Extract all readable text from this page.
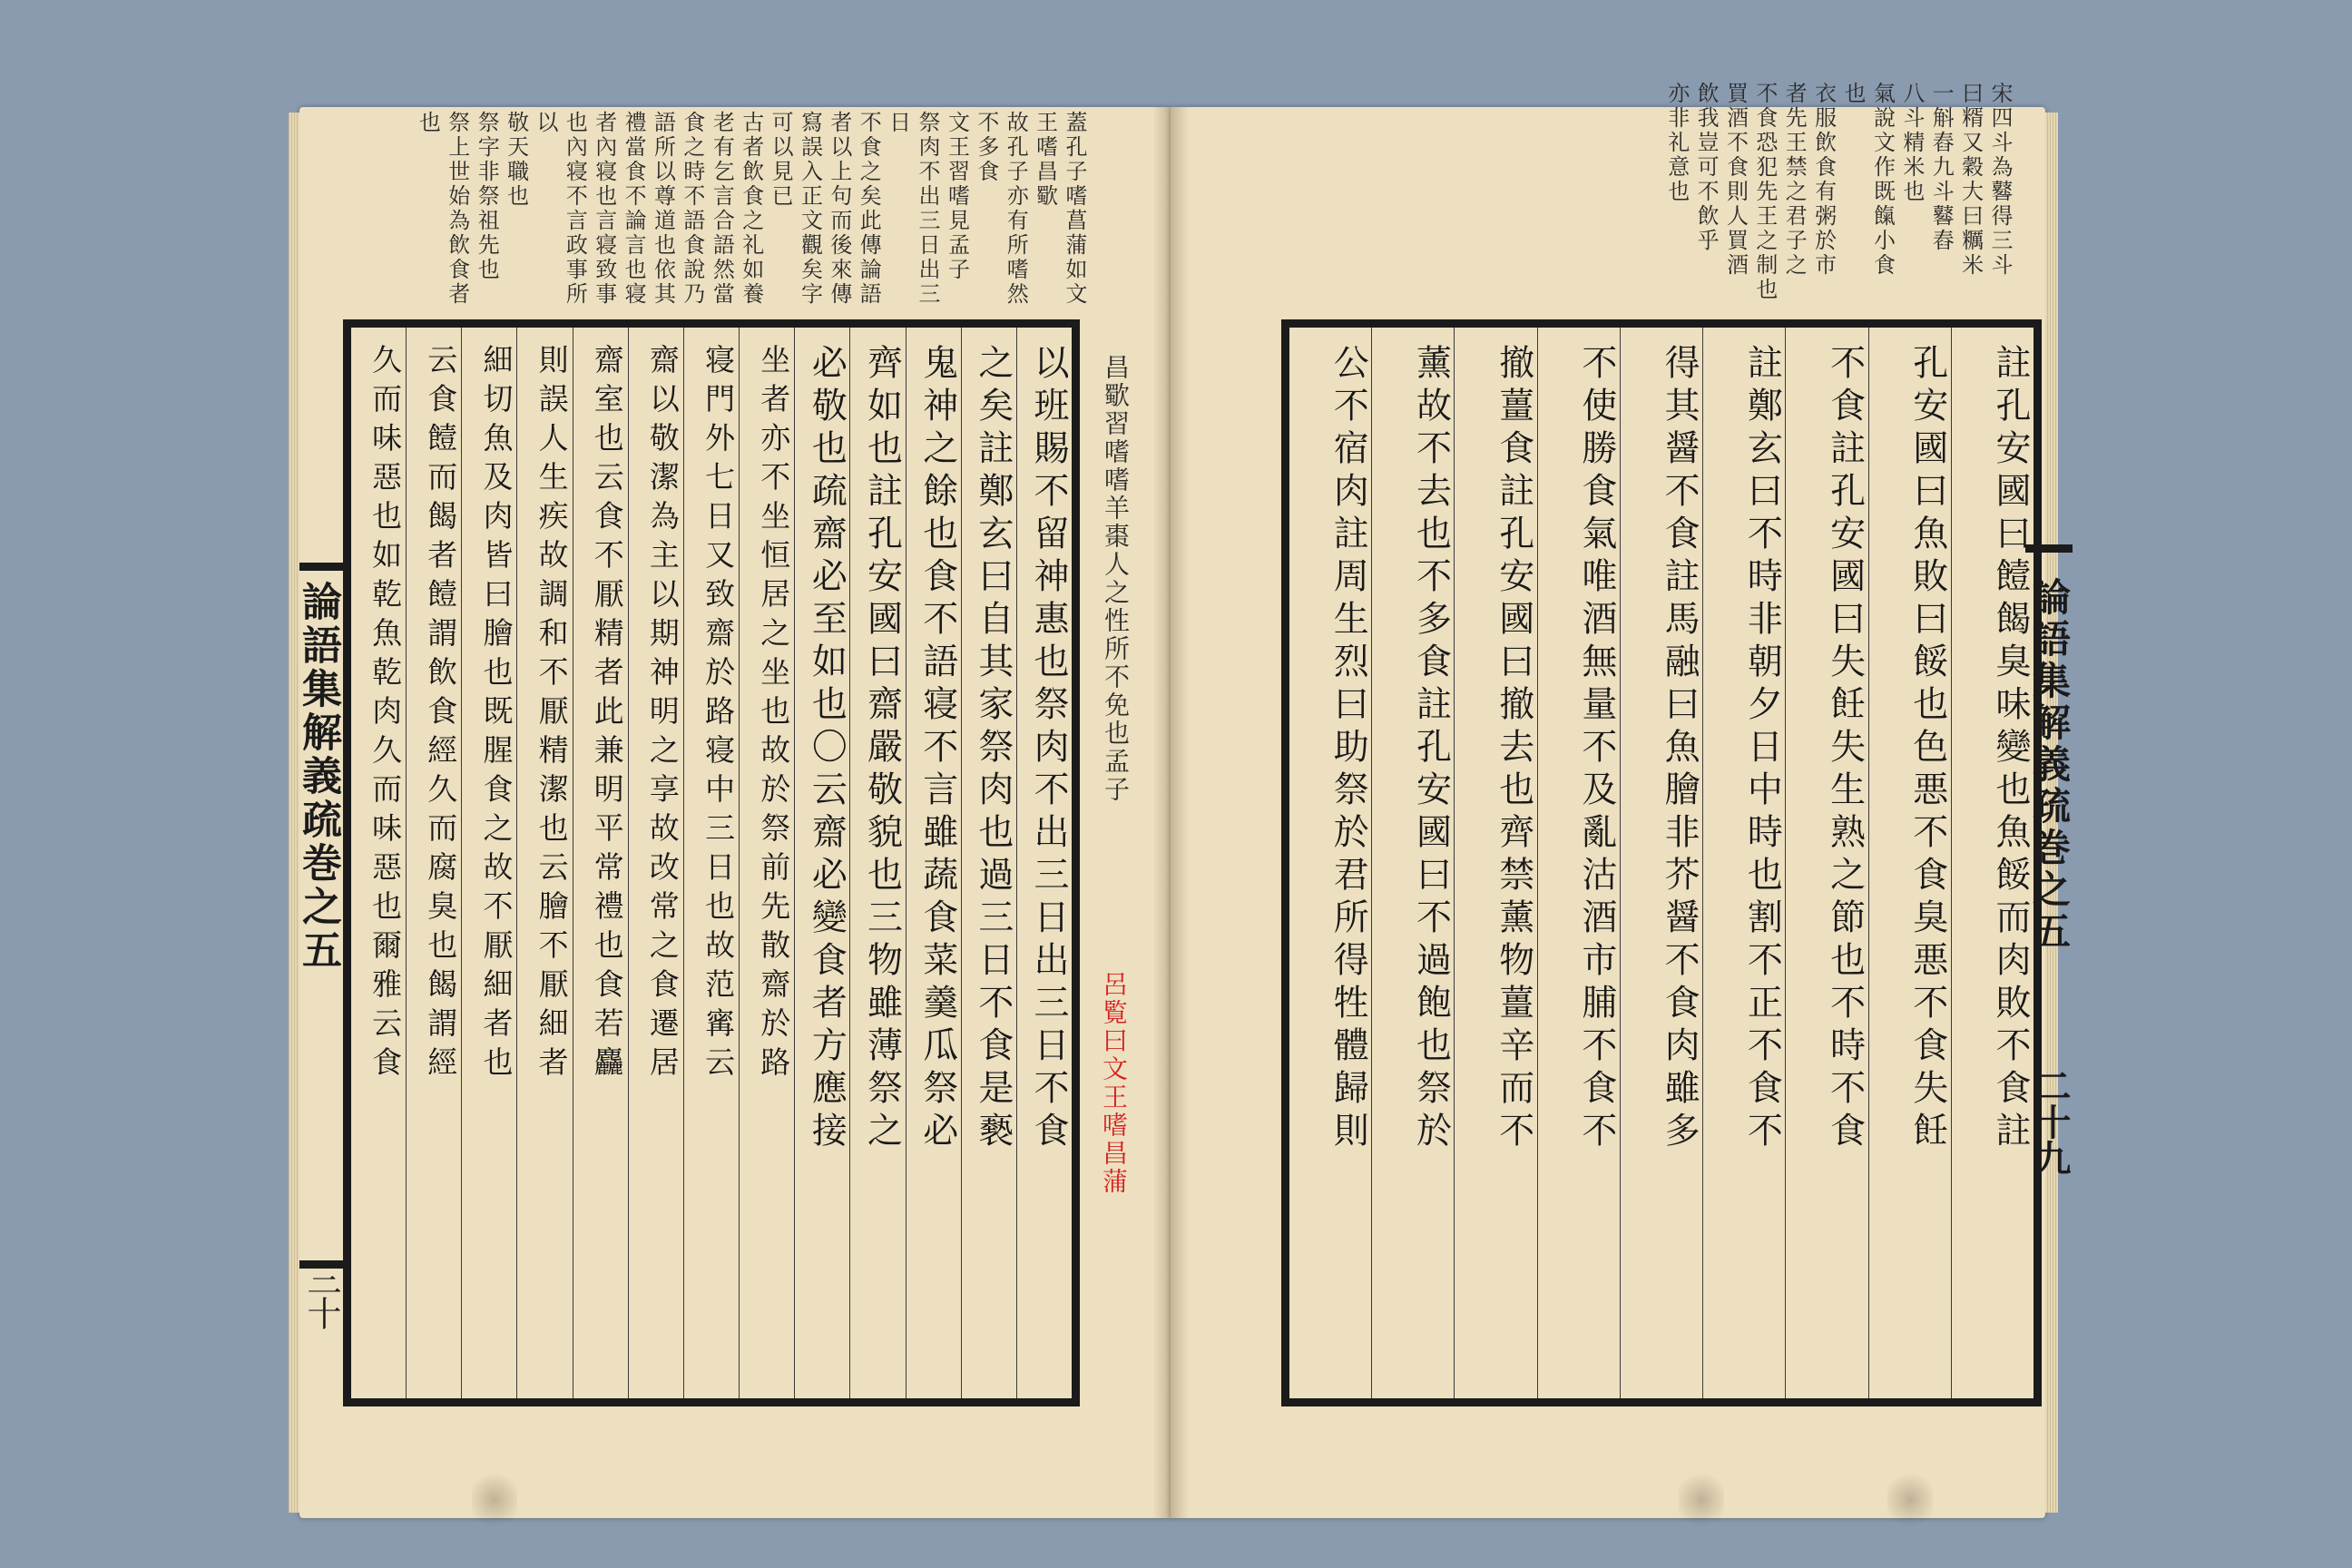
蓋孔子嗜菖蒲如文王嗜昌歜
故孔子亦有所嗜然
不多食
文王習嗜見孟子
祭肉不出三日出三日
不食之矣此傳論語
者以上句而後來傳
寫誤入正文觀矣字
可以見已
古者飲食之礼如養
老有乞言合語然當
食之時不語食說乃
語所以尊道也依其
禮當食不論言也寝
者內寝也言寝致事
也內寝不言政事所以
敬天職也
祭字非祭祖先也
祭上世始為飲食者
也
昌歜習嗜嗜羊棗人之性所不免也孟子
呂覧曰文王嗜昌蒲
論語集解義疏巻之五
三十
以班賜不留神惠也祭肉不出三日出三日不食
之矣註鄭玄曰自其家祭肉也過三日不食是褻
鬼神之餘也食不語寝不言雖蔬食菜羹瓜祭必
齊如也註孔安國曰齋嚴敬貌也三物雖薄祭之
必敬也疏齋必至如也〇云齋必變食者方應接
坐者亦不坐恒居之坐也故於祭前先散齋於路
寝門外七日又致齋於路寝中三日也故范寗云
齋以敬潔為主以期神明之享故改常之食遷居
齋室也云食不厭精者此兼明平常禮也食若麤
則誤人生疾故調和不厭精潔也云膾不厭細者
細切魚及肉皆曰膾也既腥食之故不厭細者也
云食饐而餲者饐謂飲食經久而腐臭也餲謂經
久而味惡也如乾魚乾肉久而味惡也爾雅云食
宋四斗為鼛得三斗
曰糈又穀大曰糲米
一斛舂九斗鼛舂
八斗精米也
氣說文作既餼小食
也
衣服飲食有粥於市
者先王禁之君子之
不食恐犯先王之制也
買酒不食則人買酒
飲我豈可不飲乎
亦非礼意也
論語集解義疏巻之五
二十九
註孔安國曰饐餲臭味變也魚餒而肉敗不食註
孔安國曰魚敗曰餒也色悪不食臭悪不食失飪
不食註孔安國曰失飪失生熟之節也不時不食
註鄭玄曰不時非朝夕日中時也割不正不食不
得其醤不食註馬融曰魚膾非芥醤不食肉雖多
不使勝食氣唯酒無量不及亂沽酒市脯不食不
撤薑食註孔安國曰撤去也齊禁薰物薑辛而不
薰故不去也不多食註孔安國曰不過飽也祭於
公不宿肉註周生烈曰助祭於君所得牲體歸則
